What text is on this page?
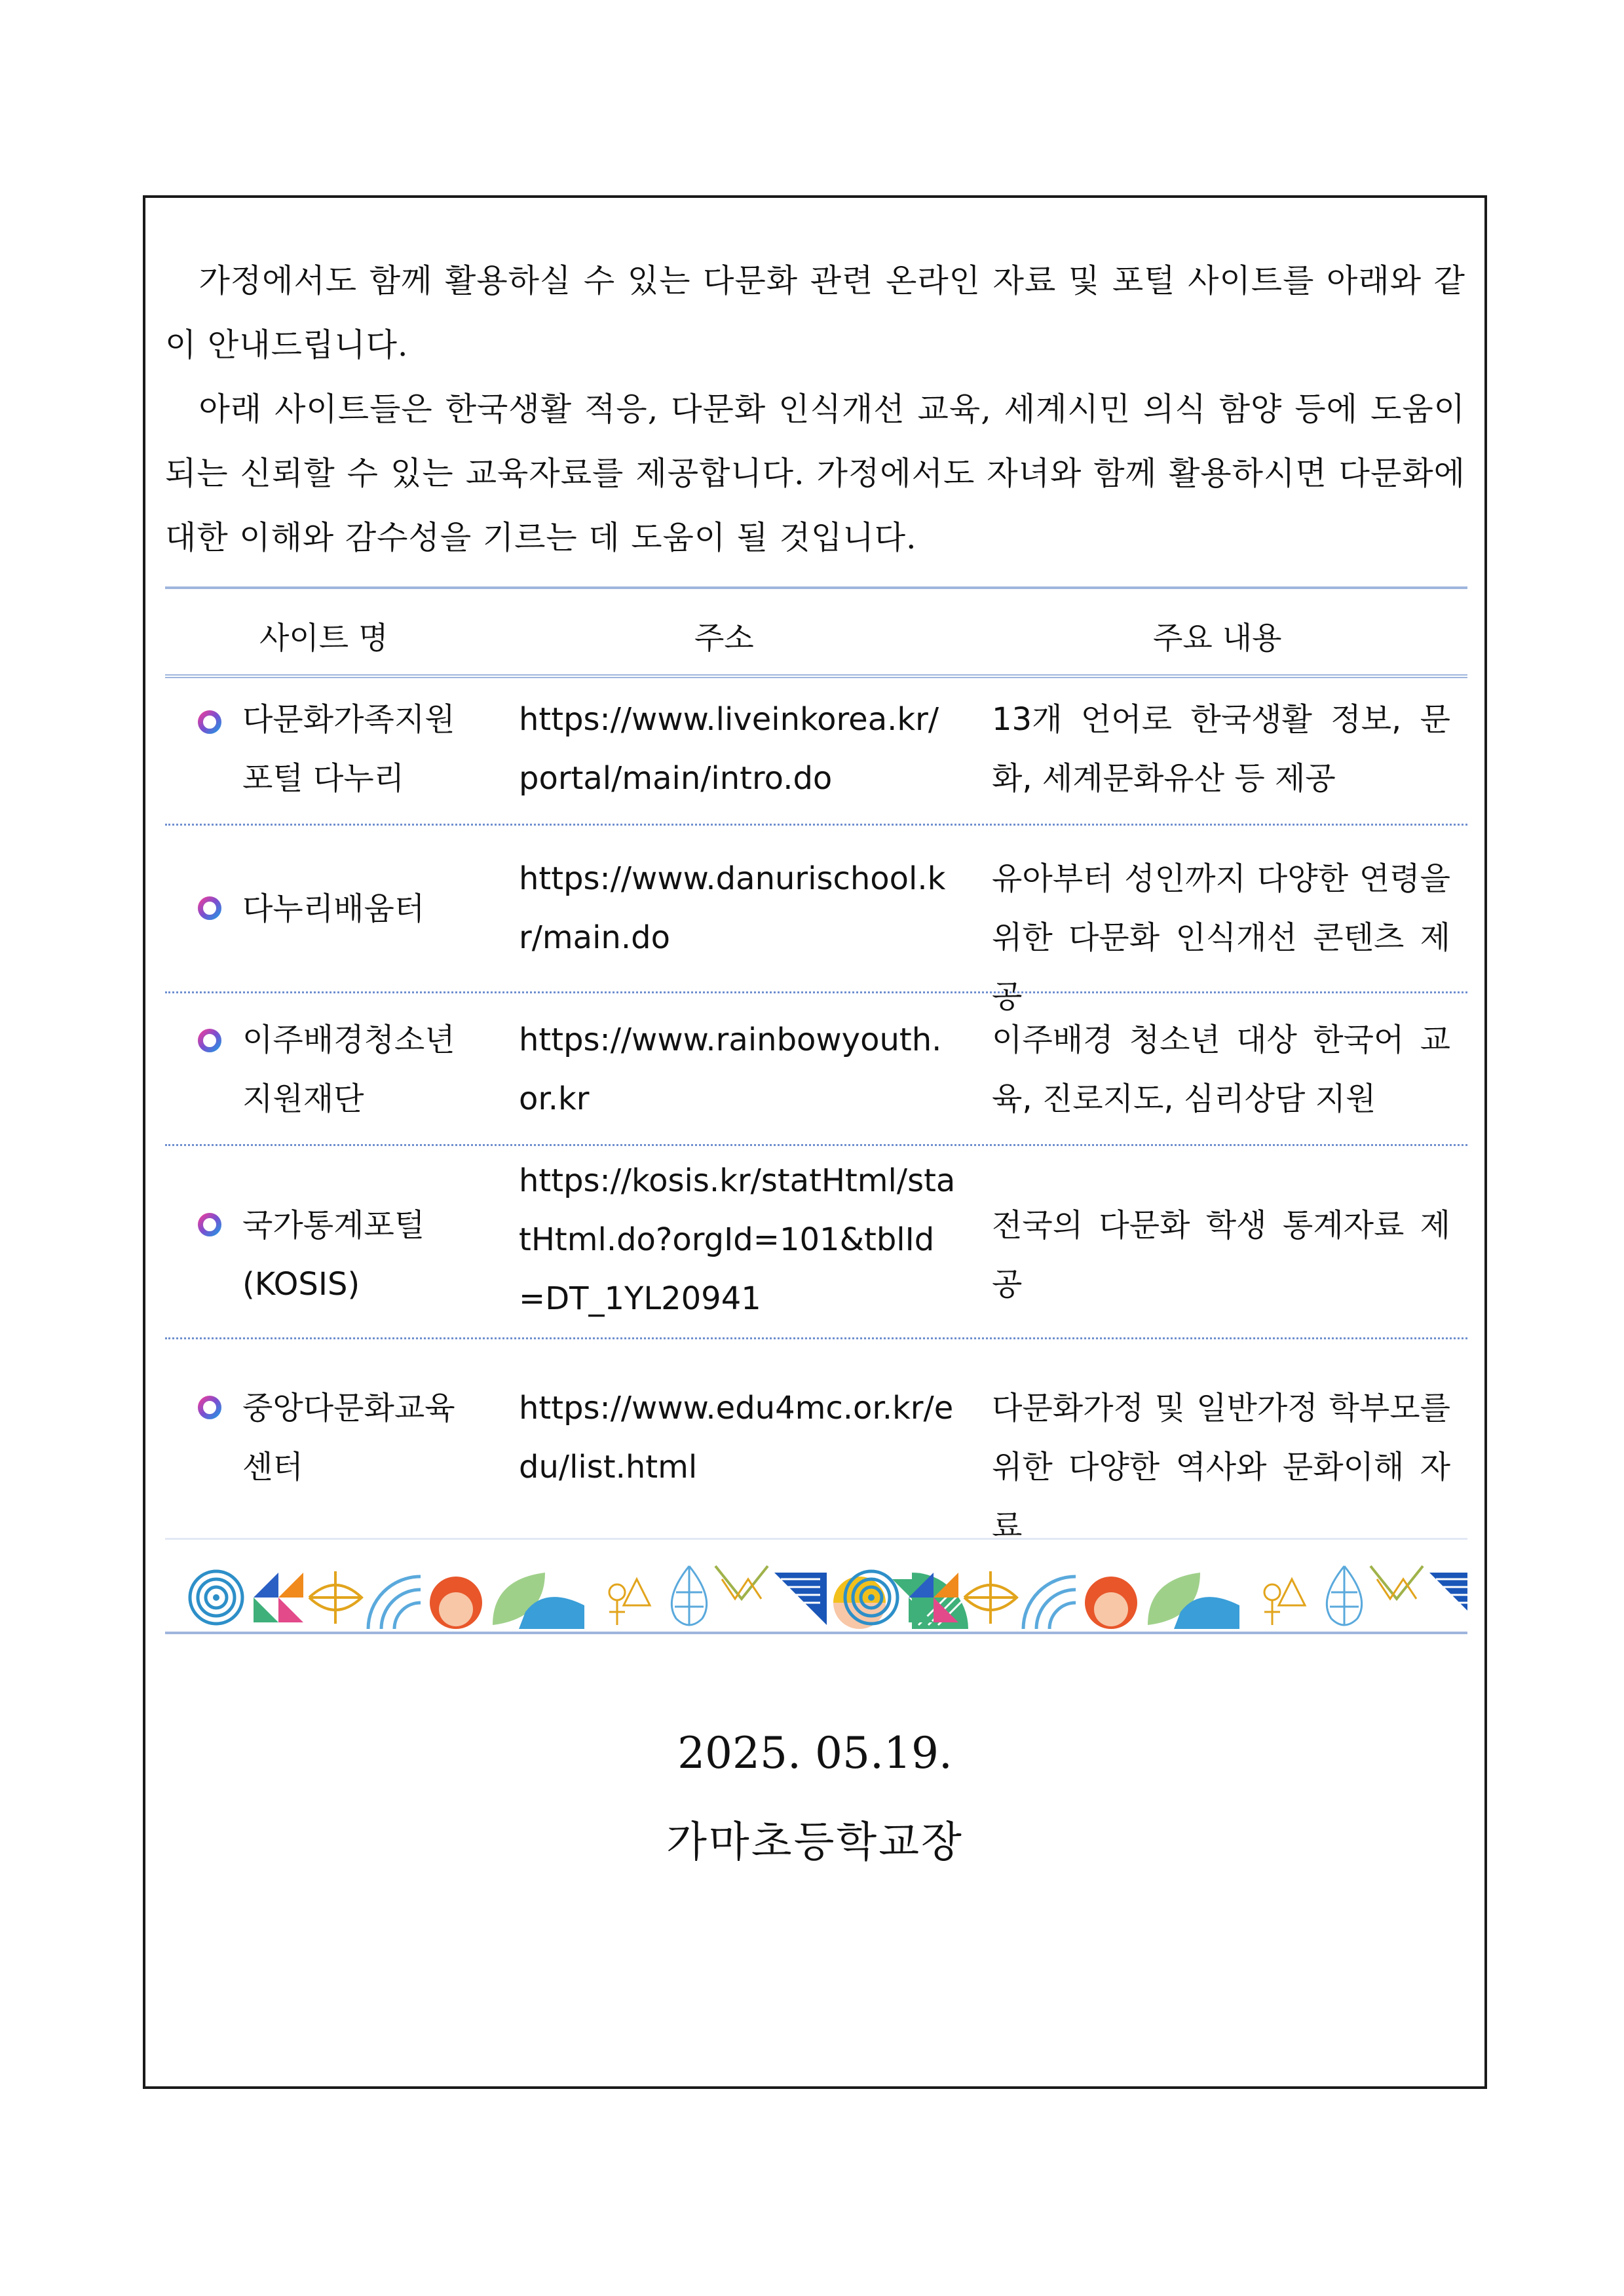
가정에서도 함께 활용하실 수 있는 다문화 관련 온라인 자료 및 포털 사이트를 아래와 같이 안내드립니다.

아래 사이트들은 한국생활 적응, 다문화 인식개선 교육, 세계시민 의식 함양 등에 도움이 되는 신뢰할 수 있는 교육자료를 제공합니다. 가정에서도 자녀와 함께 활용하시면 다문화에 대한 이해와 감수성을 기르는 데 도움이 될 것입니다.

사이트 명	주소	주요 내용
다문화가족지원 포털 다누리
https://www.liveinkorea.kr/portal/main/intro.do
13개 언어로 한국생활 정보, 문화, 세계문화유산 등 제공
다누리배움터
https://www.danurischool.kr/main.do
유아부터 성인까지 다양한 연령을 위한 다문화 인식개선 콘텐츠 제공
이주배경청소년 지원재단
https://www.rainbowyouth.or.kr
이주배경 청소년 대상 한국어 교육, 진로지도, 심리상담 지원
국가통계포털 (KOSIS)
https://kosis.kr/statHtml/statHtml.do?orgId=101&tblId=DT_1YL20941
전국의 다문화 학생 통계자료 제공
중앙다문화교육 센터
https://www.edu4mc.or.kr/edu/list.html
다문화가정 및 일반가정 학부모를 위한 다양한 역사와 문화이해 자료
2025. 05.19.
가마초등학교장
